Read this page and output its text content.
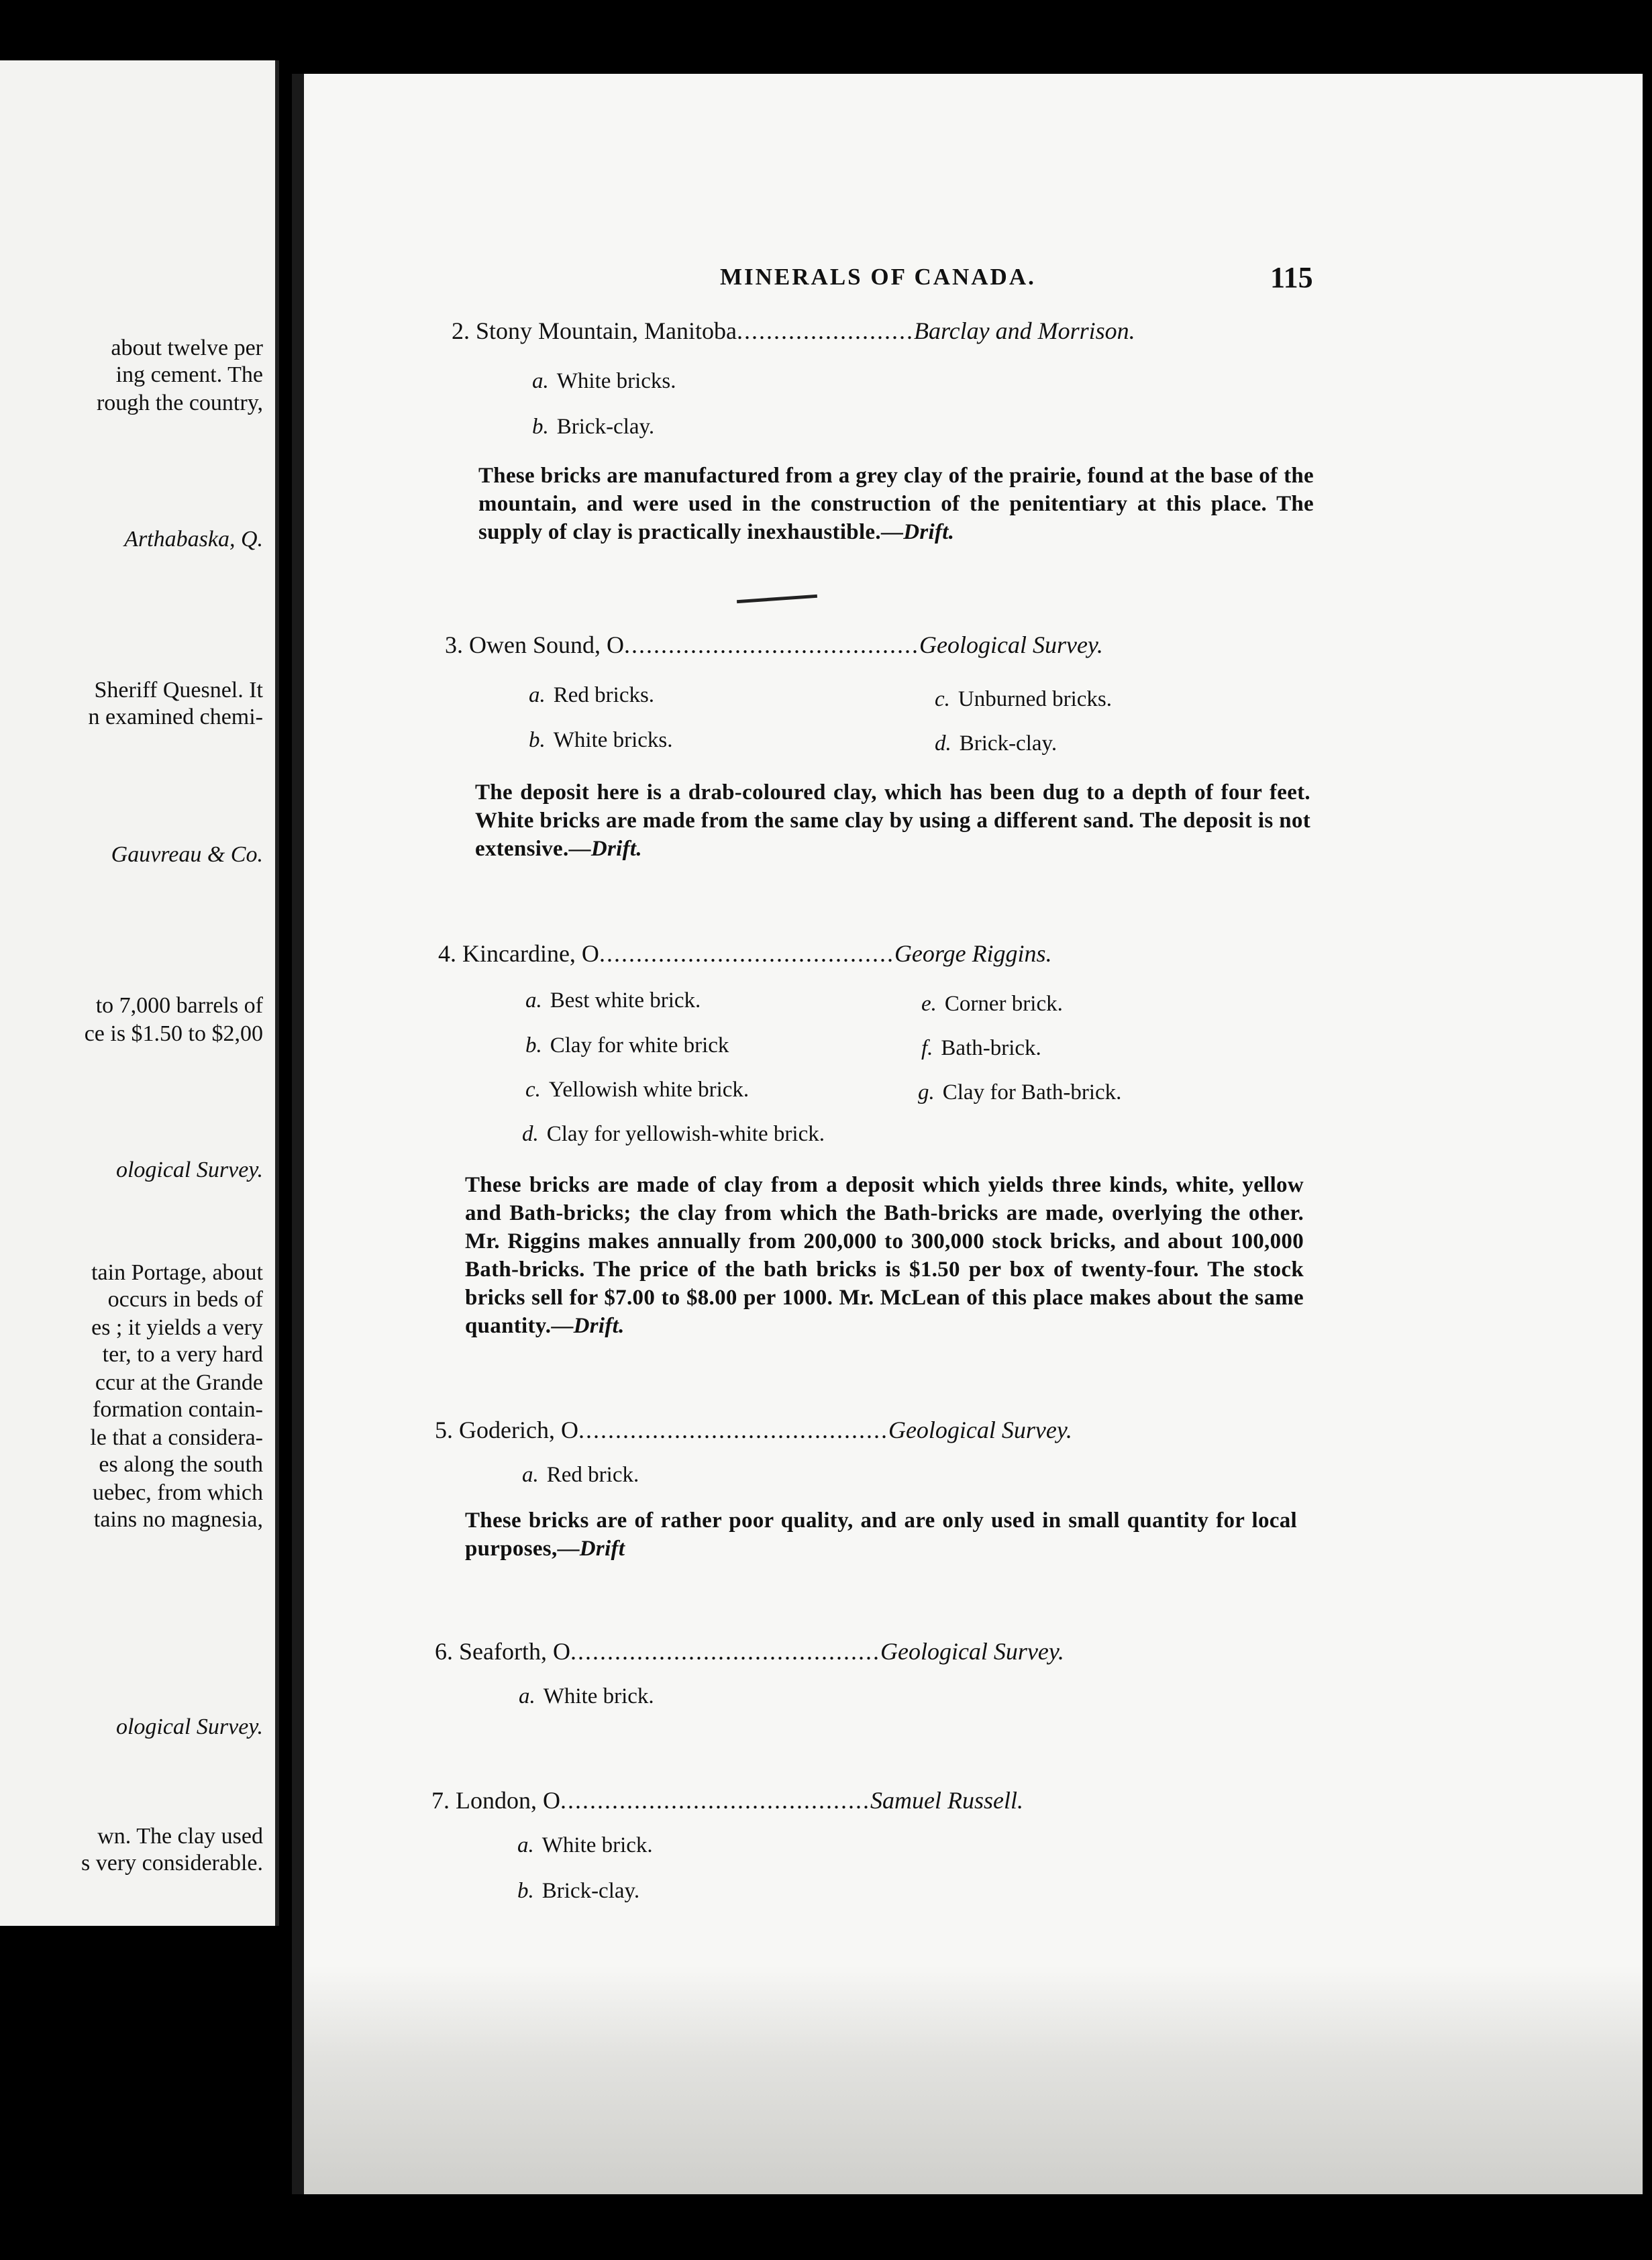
about twelve per
ing cement. The
rough the country,
Arthabaska, Q.
Sheriff Quesnel. It
n examined chemi-
Gauvreau & Co.
to 7,000 barrels of
ce is $1.50 to $2,00
ological Survey.
tain Portage, about
occurs in beds of
es ; it yields a very
ter, to a very hard
ccur at the Grande
formation contain-
le that a considera-
es along the south
uebec, from which
tains no magnesia,
ological Survey.
wn. The clay used
s very considerable.
MINERALS OF CANADA.	115
2. Stony Mountain, Manitoba........................Barclay and Morrison.
a. White bricks.
b. Brick-clay.
These bricks are manufactured from a grey clay of the prairie, found at the base of the mountain, and were used in the construction of the penitentiary at this place. The supply of clay is practically inexhaustible.—Drift.
3. Owen Sound, O........................................Geological Survey.
a. Red bricks.
b. White bricks.
c. Unburned bricks.
d. Brick-clay.
The deposit here is a drab-coloured clay, which has been dug to a depth of four feet. White bricks are made from the same clay by using a different sand. The deposit is not extensive.—Drift.
4. Kincardine, O........................................George Riggins.
a. Best white brick.
b. Clay for white brick
c. Yellowish white brick.
d. Clay for yellowish-white brick.
e. Corner brick.
f. Bath-brick.
g. Clay for Bath-brick.
These bricks are made of clay from a deposit which yields three kinds, white, yellow and Bath-bricks; the clay from which the Bath-bricks are made, overlying the other. Mr. Riggins makes annually from 200,000 to 300,000 stock bricks, and about 100,000 Bath-bricks. The price of the bath bricks is $1.50 per box of twenty-four. The stock bricks sell for $7.00 to $8.00 per 1000. Mr. McLean of this place makes about the same quantity.—Drift.
5. Goderich, O..........................................Geological Survey.
a. Red brick.
These bricks are of rather poor quality, and are only used in small quantity for local purposes,—Drift
6. Seaforth, O..........................................Geological Survey.
a. White brick.
7. London, O..........................................Samuel Russell.
a. White brick.
b. Brick-clay.
